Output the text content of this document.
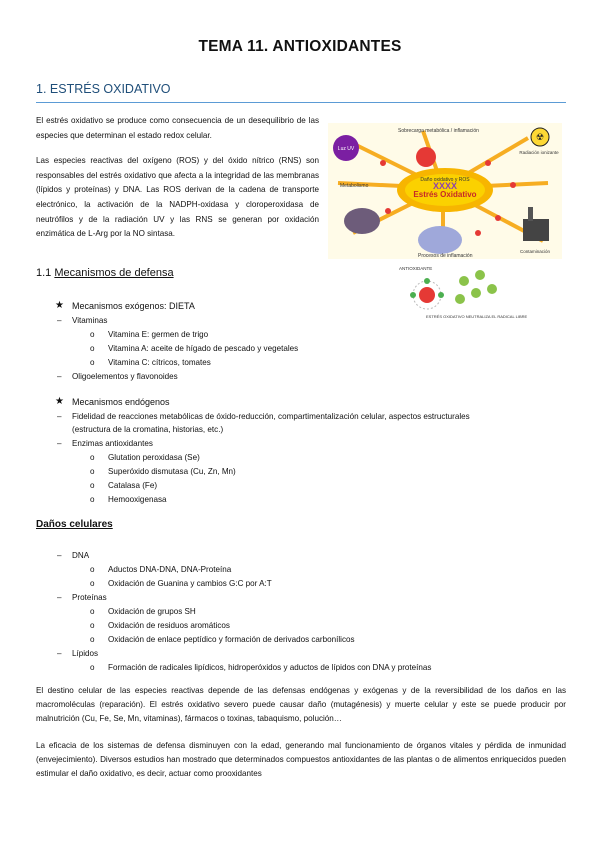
TEMA 11. ANTIOXIDANTES
1. ESTRÉS OXIDATIVO

El estrés oxidativo se produce como consecuencia de un desequilibrio de las especies que determinan el estado redox celular.

Las especies reactivas del oxígeno (ROS) y del óxido nítrico (RNS) son responsables del estrés oxidativo que afecta a la integridad de las membranas (lípidos y proteínas) y DNA. Las ROS derivan de la cadena de transporte electrónico, la activación de la NADPH-oxidasa y cloroperoxidasa de neutrófilos y de la radiación UV y las RNS se generan por oxidación enzimática de L-Arg por la NO sintasa.

Daño oxidativo y ROS
Estrés Oxidativo
XXXX
Sobrecarga metabólica / inflamación
Luz UV
☢
Radiación ionizante
Metabolismo
Procesos de inflamación
Contaminación
ANTIOXIDANTE
ESTRÉS OXIDATIVO NEUTRALIZA EL RADICAL LIBRE
1.1 Mecanismos de defensa
★ Mecanismos exógenos: DIETA
– Vitaminas
o Vitamina E: germen de trigo
o Vitamina A: aceite de hígado de pescado y vegetales
o Vitamina C: cítricos, tomates
– Oligoelementos y flavonoides
★ Mecanismos endógenos
– Fidelidad de reacciones metabólicas de óxido-reducción, compartimentalización celular, aspectos estructurales
(estructura de la cromatina, historias, etc.)
– Enzimas antioxidantes
o Glutation peroxidasa (Se)
o Superóxido dismutasa (Cu, Zn, Mn)
o Catalasa (Fe)
o Hemooxigenasa
Daños celulares
– DNA
o Aductos DNA-DNA, DNA-Proteína
o Oxidación de Guanina y cambios G:C por A:T
– Proteínas
o Oxidación de grupos SH
o Oxidación de residuos aromáticos
o Oxidación de enlace peptídico y formación de derivados carbonílicos
– Lípidos
o Formación de radicales lipídicos, hidroperóxidos y aductos de lípidos con DNA y proteínas

El destino celular de las especies reactivas depende de las defensas endógenas y exógenas y de la reversibilidad de los daños en las macromoléculas (reparación). El estrés oxidativo severo puede causar daño (mutagénesis) y muerte celular y este se puede producir por malnutrición (Cu, Fe, Se, Mn, vitaminas), fármacos o toxinas, tabaquismo, polución…

La eficacia de los sistemas de defensa disminuyen con la edad, generando mal funcionamiento de órganos vitales y pérdida de inmunidad (envejecimiento). Diversos estudios han mostrado que determinados compuestos antioxidantes de las plantas o de alimentos enriquecidos pueden estimular el daño oxidativo, es decir, actuar como prooxidantes
